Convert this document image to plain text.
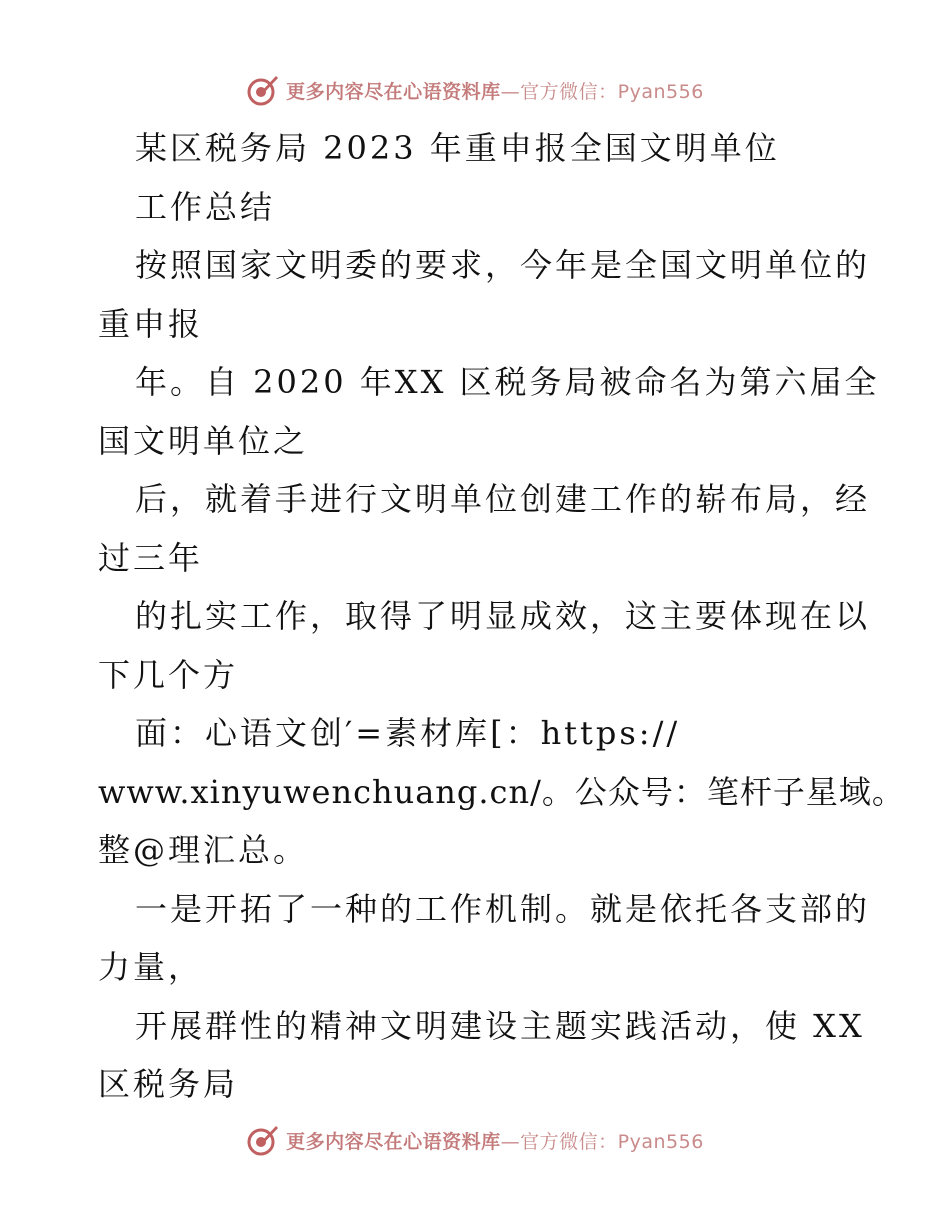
更多内容尽在心语资料库—官方微信：Pyan556
某区税务局 2023 年重申报全国文明单位
工作总结
按照国家文明委的要求，今年是全国文明单位的
重申报
年。自 2020 年XX 区税务局被命名为第六届全
国文明单位之
后，就着手进行文明单位创建工作的崭布局，经
过三年
的扎实工作，取得了明显成效，这主要体现在以
下几个方
面：心语文创′=素材库[：https://
www.xinyuwenchuang.cn/。公众号：笔杆子星域。
整@理汇总。
一是开拓了一种的工作机制。就是依托各支部的
力量，
开展群性的精神文明建设主题实践活动，使 XX
区税务局
更多内容尽在心语资料库—官方微信：Pyan556
